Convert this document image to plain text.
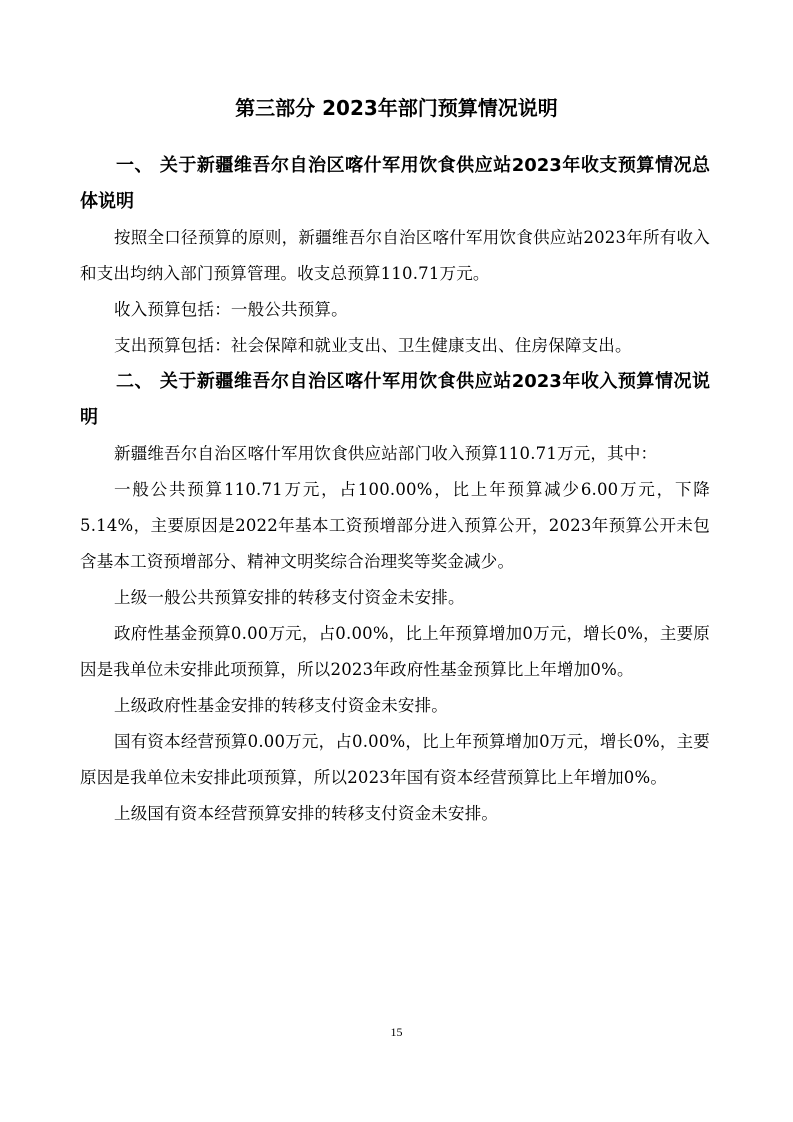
第三部分 2023年部门预算情况说明

一、 关于新疆维吾尔自治区喀什军用饮食供应站2023年收支预算情况总体说明

按照全口径预算的原则，新疆维吾尔自治区喀什军用饮食供应站2023年所有收入和支出均纳入部门预算管理。收支总预算110.71万元。

收入预算包括：一般公共预算。

支出预算包括：社会保障和就业支出、卫生健康支出、住房保障支出。

二、 关于新疆维吾尔自治区喀什军用饮食供应站2023年收入预算情况说明

新疆维吾尔自治区喀什军用饮食供应站部门收入预算110.71万元，其中：

一般公共预算110.71万元，占100.00%，比上年预算减少6.00万元，下降5.14%，主要原因是2022年基本工资预增部分进入预算公开，2023年预算公开未包含基本工资预增部分、精神文明奖综合治理奖等奖金减少。

上级一般公共预算安排的转移支付资金未安排。

政府性基金预算0.00万元，占0.00%，比上年预算增加0万元，增长0%，主要原因是我单位未安排此项预算，所以2023年政府性基金预算比上年增加0%。

上级政府性基金安排的转移支付资金未安排。

国有资本经营预算0.00万元，占0.00%，比上年预算增加0万元，增长0%，主要原因是我单位未安排此项预算，所以2023年国有资本经营预算比上年增加0%。

上级国有资本经营预算安排的转移支付资金未安排。

15
